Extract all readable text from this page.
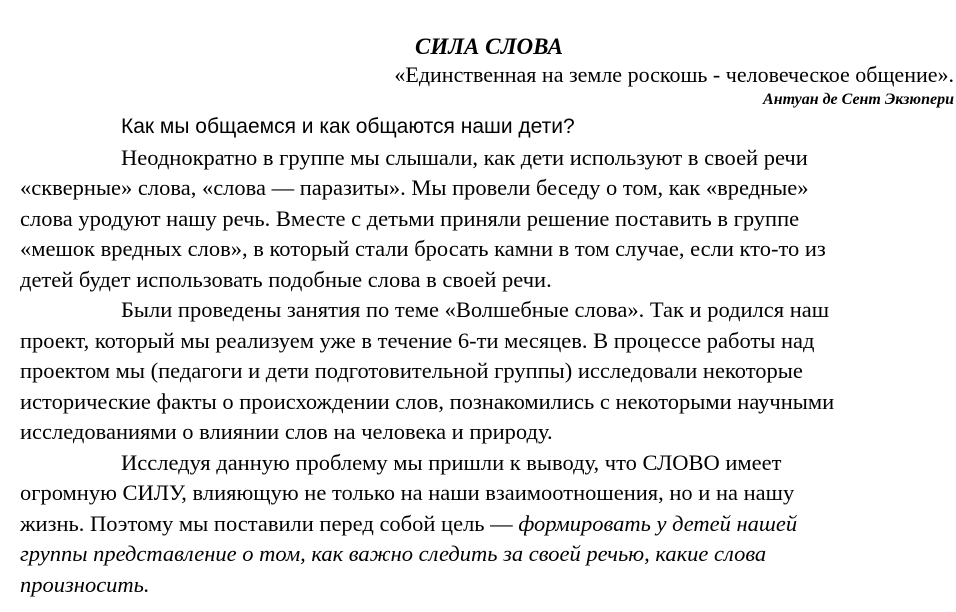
СИЛА СЛОВА

«Единственная на земле роскошь - человеческое общение».

Антуан де Сент Экзюпери

Как мы общаемся и как общаются наши дети?

Неоднократно в группе мы слышали, как дети используют в своей речи
«скверные» слова, «слова — паразиты». Мы провели беседу о том, как «вредные»
слова уродуют нашу речь. Вместе с детьми приняли решение поставить в группе
«мешок вредных слов», в который стали бросать камни в том случае, если кто-то из
детей будет использовать подобные слова в своей речи.
Были проведены занятия по теме «Волшебные слова». Так и родился наш
проект, который мы реализуем уже в течение 6-ти месяцев. В процессе работы над
проектом мы (педагоги и дети подготовительной группы) исследовали некоторые
исторические факты о происхождении слов, познакомились с некоторыми научными
исследованиями о влиянии слов на человека и природу.
Исследуя данную проблему мы пришли к выводу, что СЛОВО имеет
огромную СИЛУ, влияющую не только на наши взаимоотношения, но и на нашу
жизнь. Поэтому мы поставили перед собой цель — формировать у детей нашей
группы представление о том, как важно следить за своей речью, какие слова
произносить.
